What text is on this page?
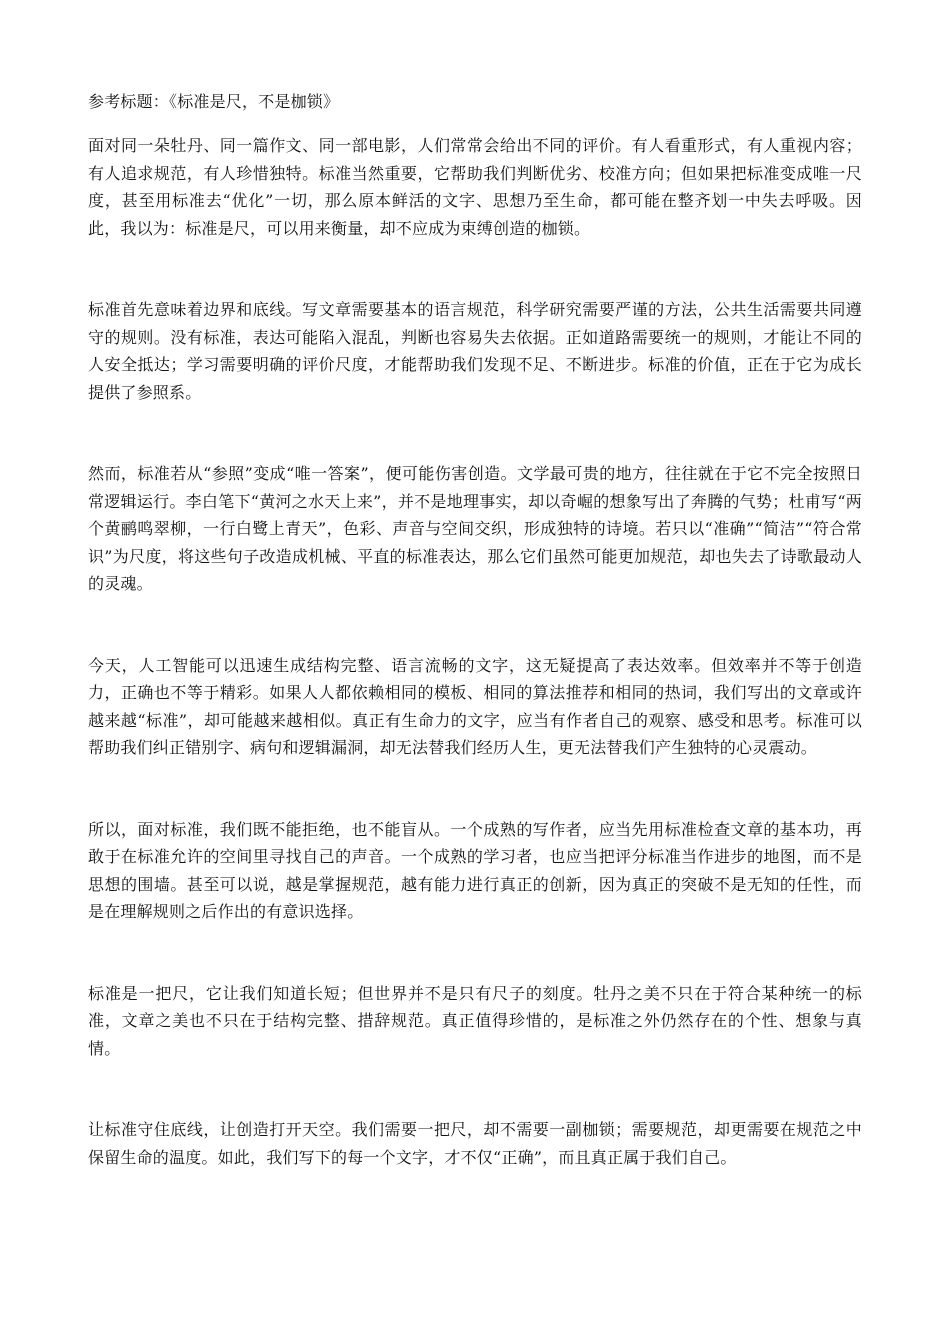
参考标题：《标准是尺，不是枷锁》

面对同一朵牡丹、同一篇作文、同一部电影，人们常常会给出不同的评价。有人看重形式，有人重视内容；有人追求规范，有人珍惜独特。标准当然重要，它帮助我们判断优劣、校准方向；但如果把标准变成唯一尺度，甚至用标准去“优化”一切，那么原本鲜活的文字、思想乃至生命，都可能在整齐划一中失去呼吸。因此，我以为：标准是尺，可以用来衡量，却不应成为束缚创造的枷锁。

标准首先意味着边界和底线。写文章需要基本的语言规范，科学研究需要严谨的方法，公共生活需要共同遵守的规则。没有标准，表达可能陷入混乱，判断也容易失去依据。正如道路需要统一的规则，才能让不同的人安全抵达；学习需要明确的评价尺度，才能帮助我们发现不足、不断进步。标准的价值，正在于它为成长提供了参照系。

然而，标准若从“参照”变成“唯一答案”，便可能伤害创造。文学最可贵的地方，往往就在于它不完全按照日常逻辑运行。李白笔下“黄河之水天上来”，并不是地理事实，却以奇崛的想象写出了奔腾的气势；杜甫写“两个黄鹂鸣翠柳，一行白鹭上青天”，色彩、声音与空间交织，形成独特的诗境。若只以“准确”“简洁”“符合常识”为尺度，将这些句子改造成机械、平直的标准表达，那么它们虽然可能更加规范，却也失去了诗歌最动人的灵魂。

今天，人工智能可以迅速生成结构完整、语言流畅的文字，这无疑提高了表达效率。但效率并不等于创造力，正确也不等于精彩。如果人人都依赖相同的模板、相同的算法推荐和相同的热词，我们写出的文章或许越来越“标准”，却可能越来越相似。真正有生命力的文字，应当有作者自己的观察、感受和思考。标准可以帮助我们纠正错别字、病句和逻辑漏洞，却无法替我们经历人生，更无法替我们产生独特的心灵震动。

所以，面对标准，我们既不能拒绝，也不能盲从。一个成熟的写作者，应当先用标准检查文章的基本功，再敢于在标准允许的空间里寻找自己的声音。一个成熟的学习者，也应当把评分标准当作进步的地图，而不是思想的围墙。甚至可以说，越是掌握规范，越有能力进行真正的创新，因为真正的突破不是无知的任性，而是在理解规则之后作出的有意识选择。

标准是一把尺，它让我们知道长短；但世界并不是只有尺子的刻度。牡丹之美不只在于符合某种统一的标准，文章之美也不只在于结构完整、措辞规范。真正值得珍惜的，是标准之外仍然存在的个性、想象与真情。

让标准守住底线，让创造打开天空。我们需要一把尺，却不需要一副枷锁；需要规范，却更需要在规范之中保留生命的温度。如此，我们写下的每一个文字，才不仅“正确”，而且真正属于我们自己。
